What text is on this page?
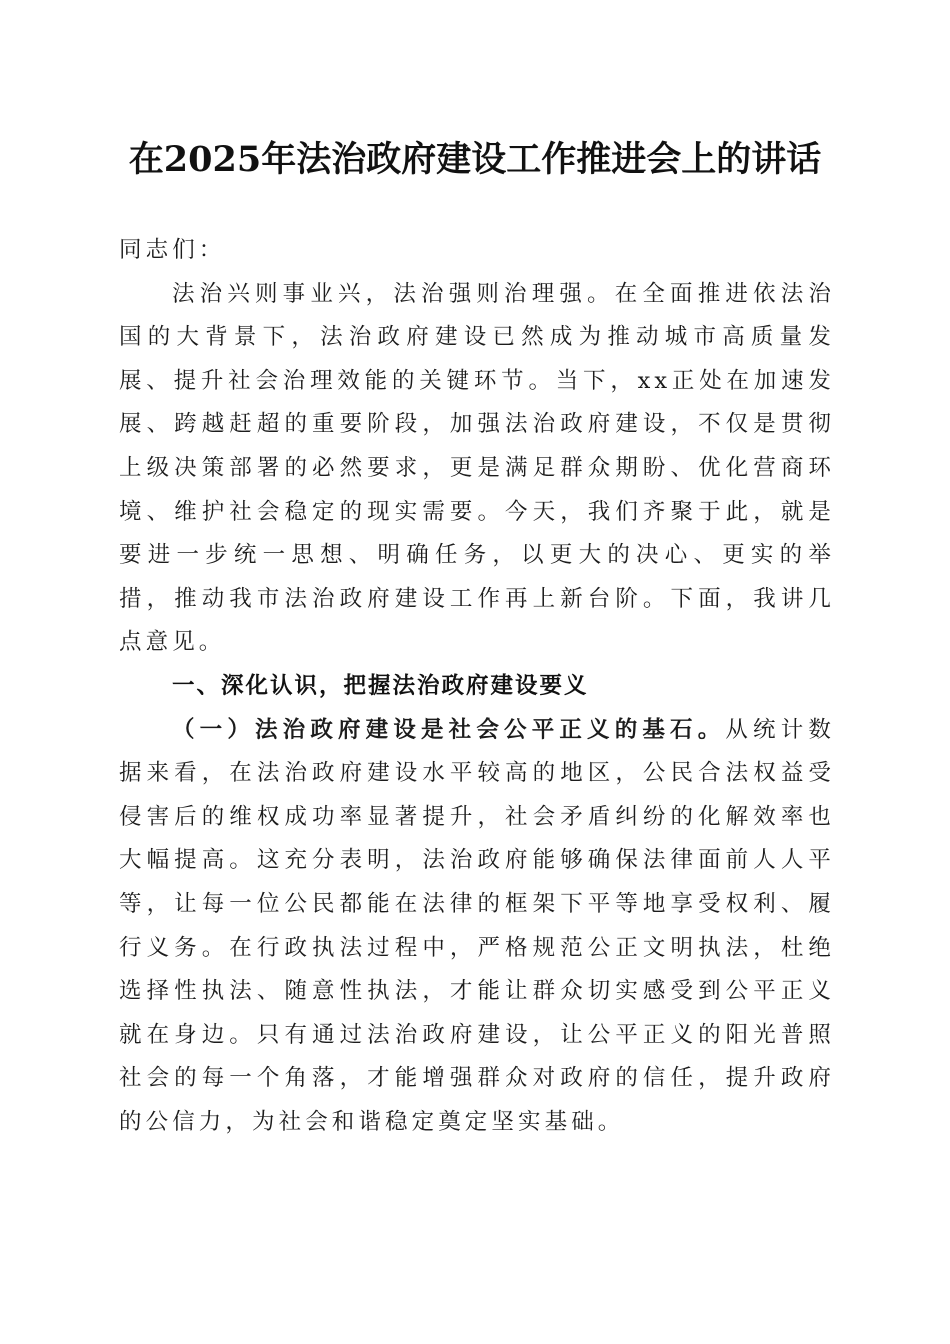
在2025年法治政府建设工作推进会上的讲话

同志们：

法治兴则事业兴，法治强则治理强。在全面推进依法治国的大背景下，法治政府建设已然成为推动城市高质量发展、提升社会治理效能的关键环节。当下，xx正处在加速发展、跨越赶超的重要阶段，加强法治政府建设，不仅是贯彻上级决策部署的必然要求，更是满足群众期盼、优化营商环境、维护社会稳定的现实需要。今天，我们齐聚于此，就是要进一步统一思想、明确任务，以更大的决心、更实的举措，推动我市法治政府建设工作再上新台阶。下面，我讲几点意见。

一、深化认识，把握法治政府建设要义

（一）法治政府建设是社会公平正义的基石。从统计数据来看，在法治政府建设水平较高的地区，公民合法权益受侵害后的维权成功率显著提升，社会矛盾纠纷的化解效率也大幅提高。这充分表明，法治政府能够确保法律面前人人平等，让每一位公民都能在法律的框架下平等地享受权利、履行义务。在行政执法过程中，严格规范公正文明执法，杜绝选择性执法、随意性执法，才能让群众切实感受到公平正义就在身边。只有通过法治政府建设，让公平正义的阳光普照社会的每一个角落，才能增强群众对政府的信任，提升政府的公信力，为社会和谐稳定奠定坚实基础。
